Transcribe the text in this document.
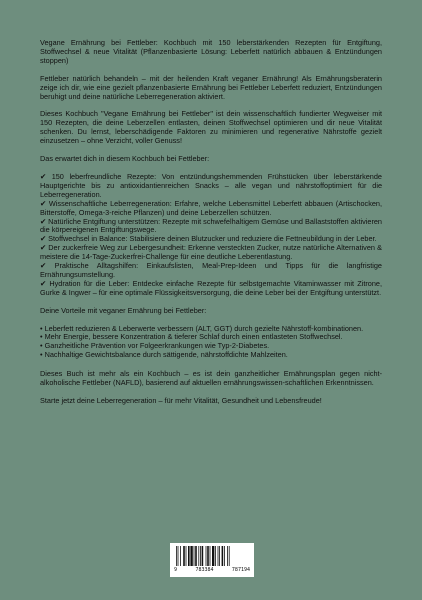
Vegane Ernährung bei Fettleber: Kochbuch mit 150 leberstärkenden Rezepten für Entgiftung, Stoffwechsel & neue Vitalität (Pflanzenbasierte Lösung: Leberfett natürlich abbauen & Entzündungen stoppen)

Fettleber natürlich behandeln – mit der heilenden Kraft veganer Ernährung! Als Ernährungsberaterin zeige ich dir, wie eine gezielt pflanzenbasierte Ernährung bei Fettleber Leberfett reduziert, Entzündungen beruhigt und deine natürliche Leberregeneration aktiviert.

Dieses Kochbuch "Vegane Ernährung bei Fettleber" ist dein wissenschaftlich fundierter Wegweiser mit 150 Rezepten, die deine Leberzellen entlasten, deinen Stoffwechsel optimieren und dir neue Vitalität schenken. Du lernst, leberschädigende Faktoren zu minimieren und regenerative Nährstoffe gezielt einzusetzen – ohne Verzicht, voller Genuss!

Das erwartet dich in diesem Kochbuch bei Fettleber:

✔ 150 leberfreundliche Rezepte: Von entzündungshemmenden Frühstücken über leberstärkende Hauptgerichte bis zu antioxidantienreichen Snacks – alle vegan und nährstoffoptimiert für die Leberregeneration.

✔ Wissenschaftliche Leberregeneration: Erfahre, welche Lebensmittel Leberfett abbauen (Artischocken, Bitterstoffe, Omega-3-reiche Pflanzen) und deine Leberzellen schützen.

✔ Natürliche Entgiftung unterstützen: Rezepte mit schwefelhaltigem Gemüse und Ballaststoffen aktivieren die körpereigenen Entgiftungswege.

✔ Stoffwechsel in Balance: Stabilisiere deinen Blutzucker und reduziere die Fettneubildung in der Leber.

✔ Der zuckerfreie Weg zur Lebergesundheit: Erkenne versteckten Zucker, nutze natürliche Alternativen & meistere die 14-Tage-Zuckerfrei-Challenge für eine deutliche Leberentlastung.

✔ Praktische Alltagshilfen: Einkaufslisten, Meal-Prep-Ideen und Tipps für die langfristige Ernährungsumstellung.

✔ Hydration für die Leber: Entdecke einfache Rezepte für selbstgemachte Vitaminwasser mit Zitrone, Gurke & Ingwer – für eine optimale Flüssigkeitsversorgung, die deine Leber bei der Entgiftung unterstützt.

Deine Vorteile mit veganer Ernährung bei Fettleber:

• Leberfett reduzieren & Leberwerte verbessern (ALT, GGT) durch gezielte Nährstoff-kombinationen.

• Mehr Energie, bessere Konzentration & tieferer Schlaf durch einen entlasteten Stoffwechsel.

• Ganzheitliche Prävention vor Folgeerkrankungen wie Typ-2-Diabetes.

• Nachhaltige Gewichtsbalance durch sättigende, nährstoffdichte Mahlzeiten.

Dieses Buch ist mehr als ein Kochbuch – es ist dein ganzheitlicher Ernährungsplan gegen nicht-alkoholische Fettleber (NAFLD), basierend auf aktuellen ernährungswissen-schaftlichen Erkenntnissen.

Starte jetzt deine Leberregeneration – für mehr Vitalität, Gesundheit und Lebensfreude!

9	783384	787194
